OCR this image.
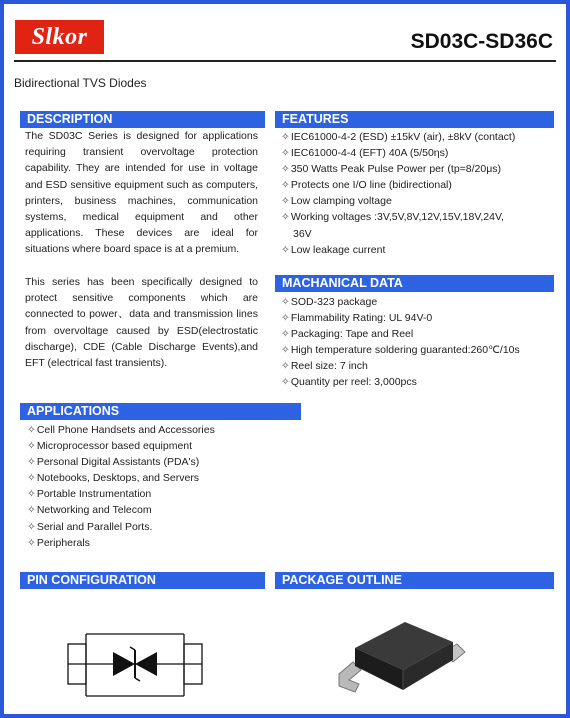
Slkor	SD03C-SD36C
Bidirectional TVS Diodes
DESCRIPTION
The SD03C Series is designed for applications requiring transient overvoltage protection capability. They are intended for use in voltage and ESD sensitive equipment such as computers, printers, business machines, communication systems, medical equipment and other applications. These devices are ideal for situations where board space is at a premium.
This series has been specifically designed to protect sensitive components which are connected to power、data and transmission lines from overvoltage caused by ESD(electrostatic discharge), CDE (Cable Discharge Events),and EFT (electrical fast transients).
FEATURES
✧IEC61000-4-2 (ESD) ±15kV (air), ±8kV (contact)
✧IEC61000-4-4 (EFT) 40A (5/50ηs)
✧350 Watts Peak Pulse Power per (tp=8/20μs)
✧Protects one I/O line (bidirectional)
✧Low clamping voltage
✧Working voltages :3V,5V,8V,12V,15V,18V,24V,
36V
✧Low leakage current
MACHANICAL DATA
✧SOD-323 package
✧Flammability Rating: UL 94V-0
✧Packaging: Tape and Reel
✧High temperature soldering guaranted:260℃/10s
✧Reel size: 7 inch
✧Quantity per reel: 3,000pcs
APPLICATIONS
✧Cell Phone Handsets and Accessories
✧Microprocessor based equipment
✧Personal Digital Assistants (PDA's)
✧Notebooks, Desktops, and Servers
✧Portable Instrumentation
✧Networking and Telecom
✧Serial and Parallel Ports.
✧Peripherals
PIN CONFIGURATION	PACKAGE OUTLINE
